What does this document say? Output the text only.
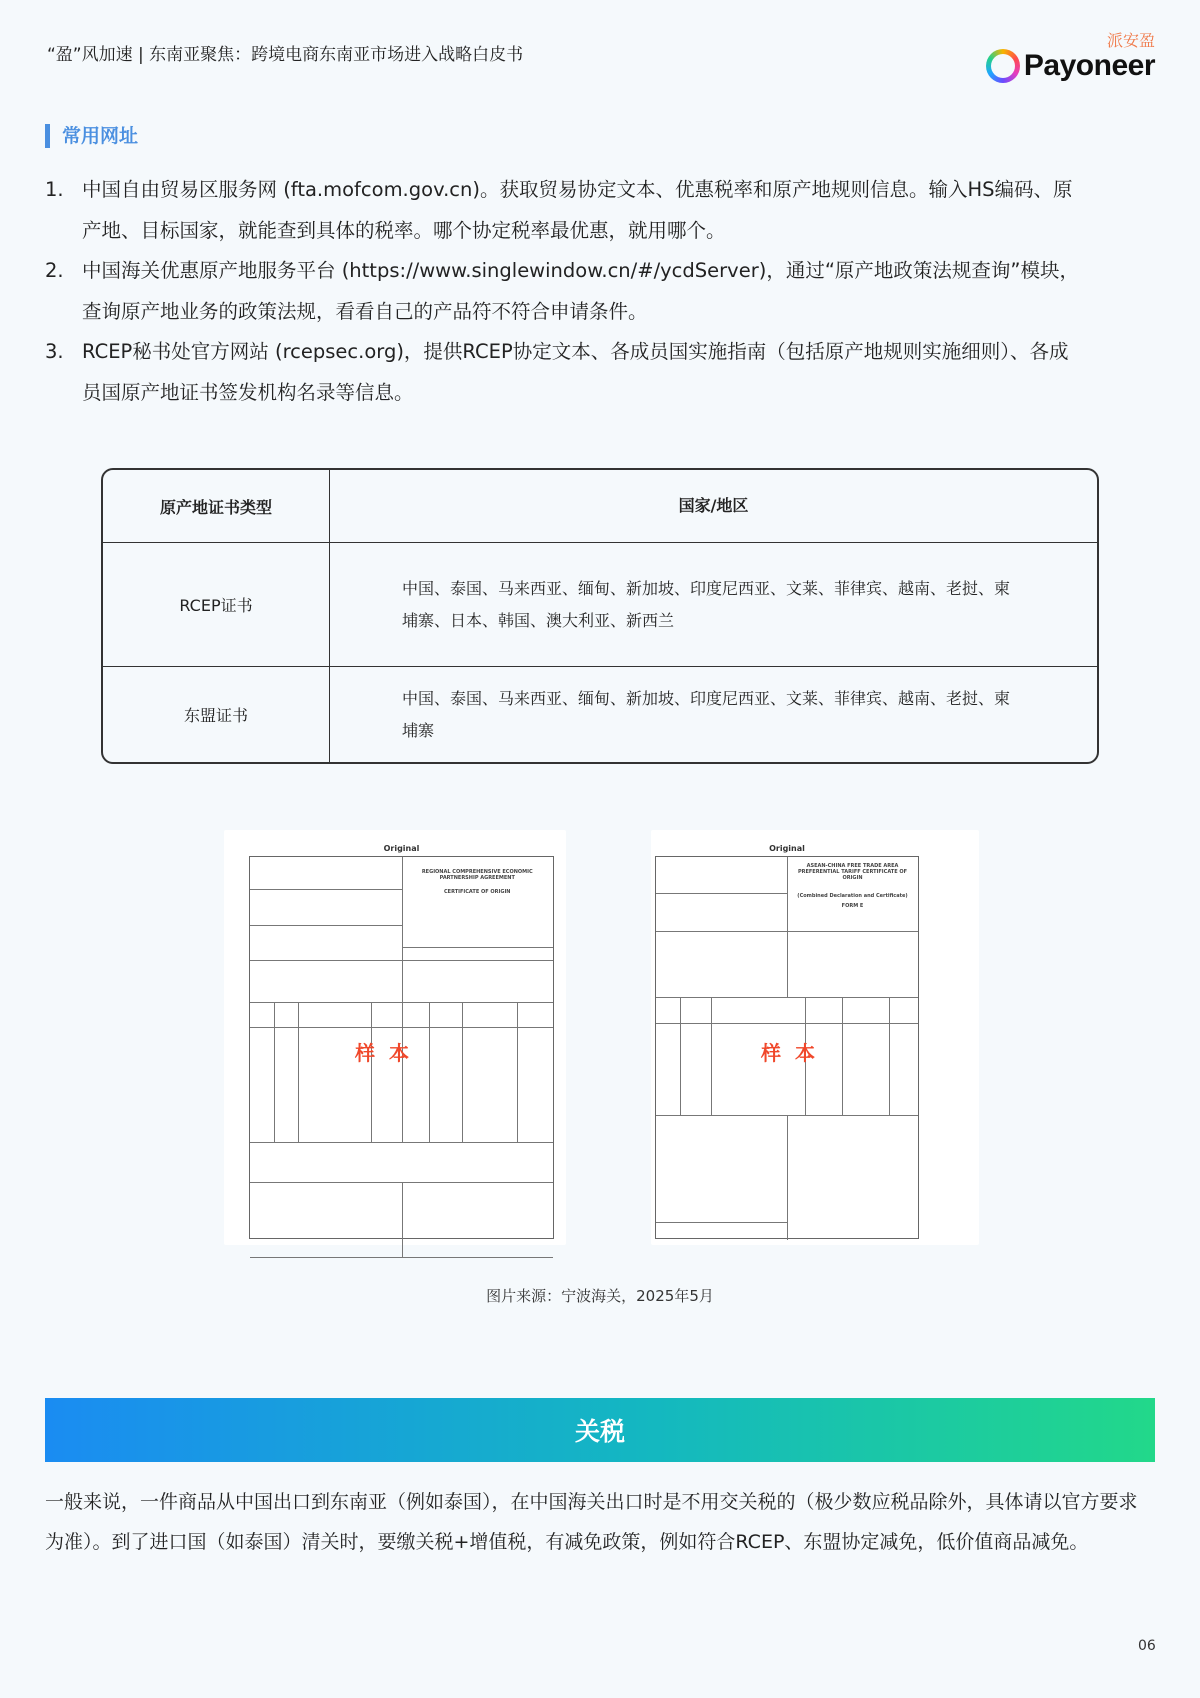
“盈”风加速 | 东南亚聚焦：跨境电商东南亚市场进入战略白皮书
派安盈
Payoneer
常用网址
1. 中国自由贸易区服务网 (fta.mofcom.gov.cn)。获取贸易协定文本、优惠税率和原产地规则信息。输入HS编码、原产地、目标国家，就能查到具体的税率。哪个协定税率最优惠，就用哪个。
2. 中国海关优惠原产地服务平台 (https://www.singlewindow.cn/#/ycdServer)，通过“原产地政策法规查询”模块，查询原产地业务的政策法规，看看自己的产品符不符合申请条件。
3. RCEP秘书处官方网站 (rcepsec.org)，提供RCEP协定文本、各成员国实施指南（包括原产地规则实施细则）、各成员国原产地证书签发机构名录等信息。
原产地证书类型	国家/地区
RCEP证书
中国、泰国、马来西亚、缅甸、新加坡、印度尼西亚、文莱、菲律宾、越南、老挝、柬埔寨、日本、韩国、澳大利亚、新西兰
东盟证书
中国、泰国、马来西亚、缅甸、新加坡、印度尼西亚、文莱、菲律宾、越南、老挝、柬埔寨
Original
REGIONAL COMPREHENSIVE ECONOMIC PARTNERSHIP AGREEMENT
CERTIFICATE OF ORIGIN
样本
Original
ASEAN-CHINA FREE TRADE AREA PREFERENTIAL TARIFF CERTIFICATE OF ORIGIN
(Combined Declaration and Certificate)
FORM E
样本
图片来源：宁波海关，2025年5月
关税
一般来说，一件商品从中国出口到东南亚（例如泰国），在中国海关出口时是不用交关税的（极少数应税品除外，具体请以官方要求为准）。到了进口国（如泰国）清关时，要缴关税+增值税，有减免政策，例如符合RCEP、东盟协定减免，低价值商品减免。
06
